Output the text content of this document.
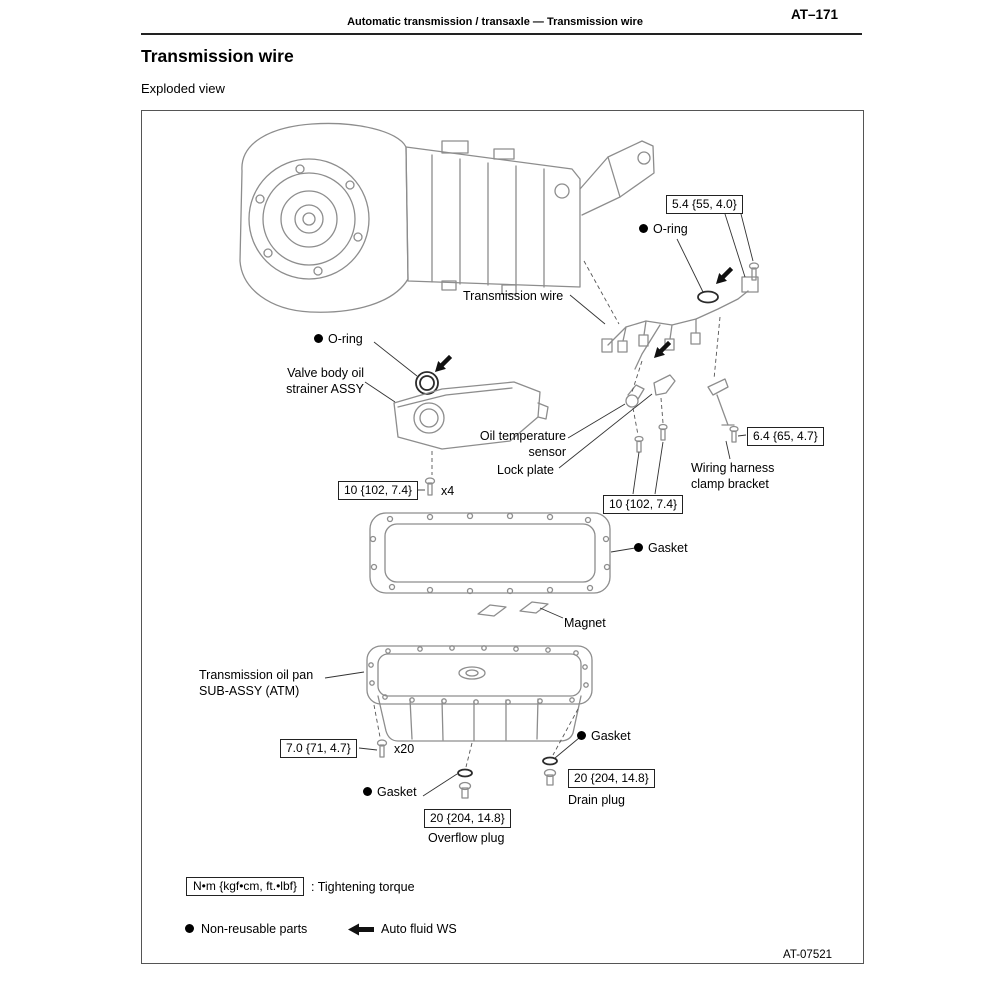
Automatic transmission / transaxle — Transmission wire	AT–171
Transmission wire
Exploded view
5.4 {55, 4.0}
10 {102, 7.4}	x4
6.4 {65, 4.7}
10 {102, 7.4}
7.0 {71, 4.7}	x20
20 {204, 14.8}
20 {204, 14.8}
O-ring
Transmission wire
O-ring
Valve body oil
strainer ASSY
Oil temperature
sensor
Lock plate	Wiring harness
clamp bracket
Gasket
Magnet
Transmission oil pan
SUB-ASSY (ATM)
Gasket
Drain plug
Gasket
Overflow plug
N•m {kgf•cm, ft.•lbf}	: Tightening torque
Non-reusable parts	Auto fluid WS
AT-07521
